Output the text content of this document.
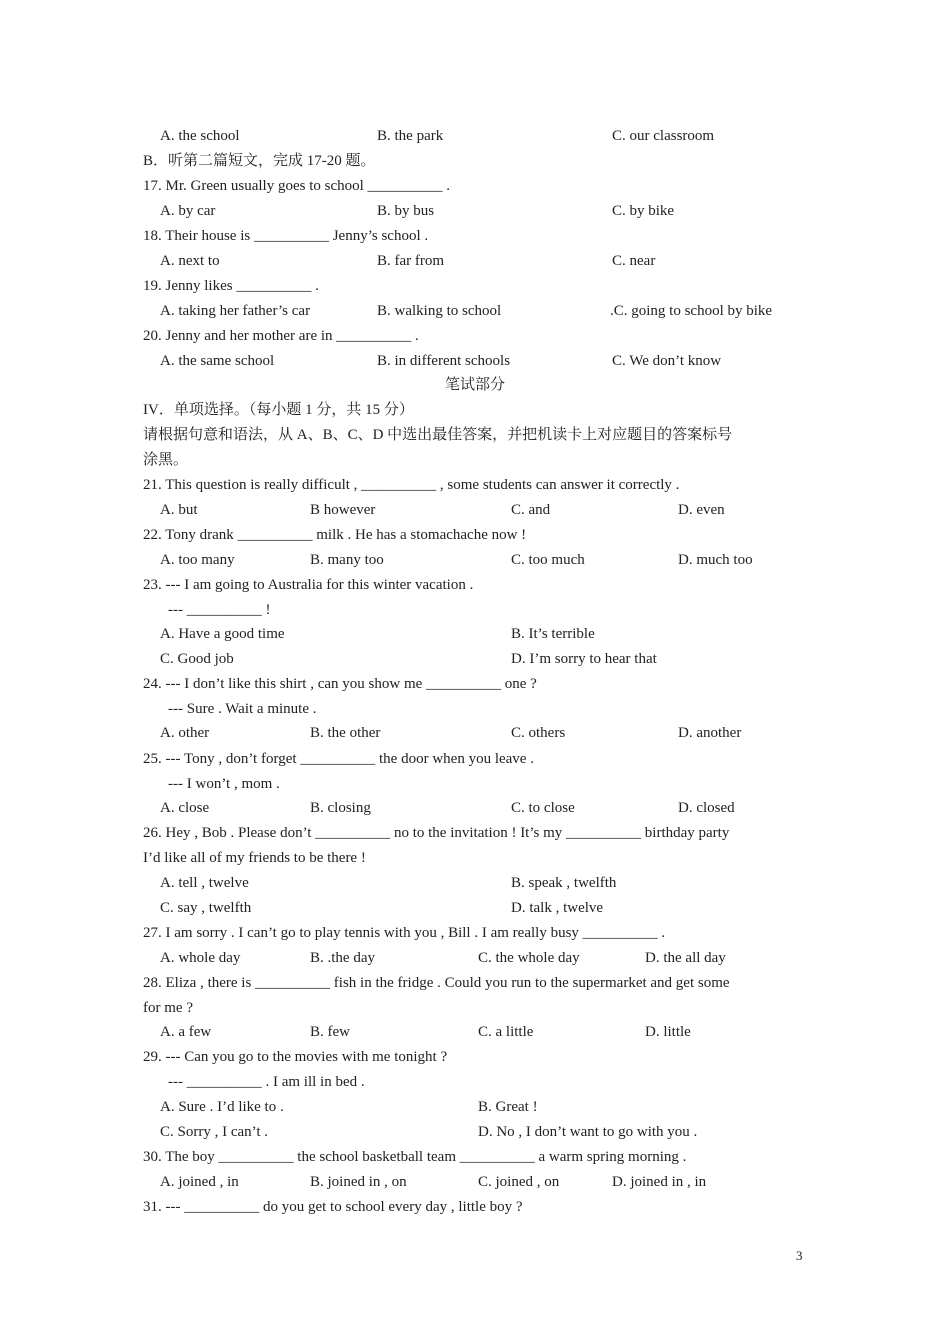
A. the school	B. the park	C. our classroom
B．听第二篇短文，完成 17-20 题。
17. Mr. Green usually goes to school __________ .
A. by car	B. by bus	C. by bike
18. Their house is __________ Jenny’s school .
A. next to	B. far from	C. near
19. Jenny likes __________ .
A. taking her father’s car	B. walking to school	.C. going to school by bike
20. Jenny and her mother are in __________ .
A. the same school	B. in different schools	C. We don’t know
笔试部分
IV．单项选择。（每小题 1 分，共 15 分）
请根据句意和语法，从 A、B、C、D 中选出最佳答案，并把机读卡上对应题目的答案标号
涂黑。
21. This question is really difficult , __________ , some students can answer it correctly .
A. but	B however	C. and	D. even
22. Tony drank __________ milk . He has a stomachache now !
A. too many	B. many too	C. too much	D. much too
23. --- I am going to Australia for this winter vacation .
--- __________ !
A. Have a good time	B. It’s terrible
C. Good job	D. I’m sorry to hear that
24. --- I don’t like this shirt , can you show me __________ one ?
--- Sure . Wait a minute .
A. other	B. the other	C. others	D. another
25. --- Tony , don’t forget __________ the door when you leave .
--- I won’t , mom .
A. close	B. closing	C. to close	D. closed
26. Hey , Bob . Please don’t __________ no to the invitation ! It’s my __________ birthday party
I’d like all of my friends to be there !
A. tell , twelve	B. speak , twelfth
C. say , twelfth	D. talk , twelve
27. I am sorry . I can’t go to play tennis with you , Bill . I am really busy __________ .
A. whole day	B. .the day	C. the whole day	D. the all day
28. Eliza , there is __________ fish in the fridge . Could you run to the supermarket and get some
for me ?
A. a few	B. few	C. a little	D. little
29. --- Can you go to the movies with me tonight ?
--- __________ . I am ill in bed .
A. Sure . I’d like to .	B. Great !
C. Sorry , I can’t .	D. No , I don’t want to go with you .
30. The boy __________ the school basketball team __________ a warm spring morning .
A. joined , in	B. joined in , on	C. joined , on	D. joined in , in
31. --- __________ do you get to school every day , little boy ?
3
